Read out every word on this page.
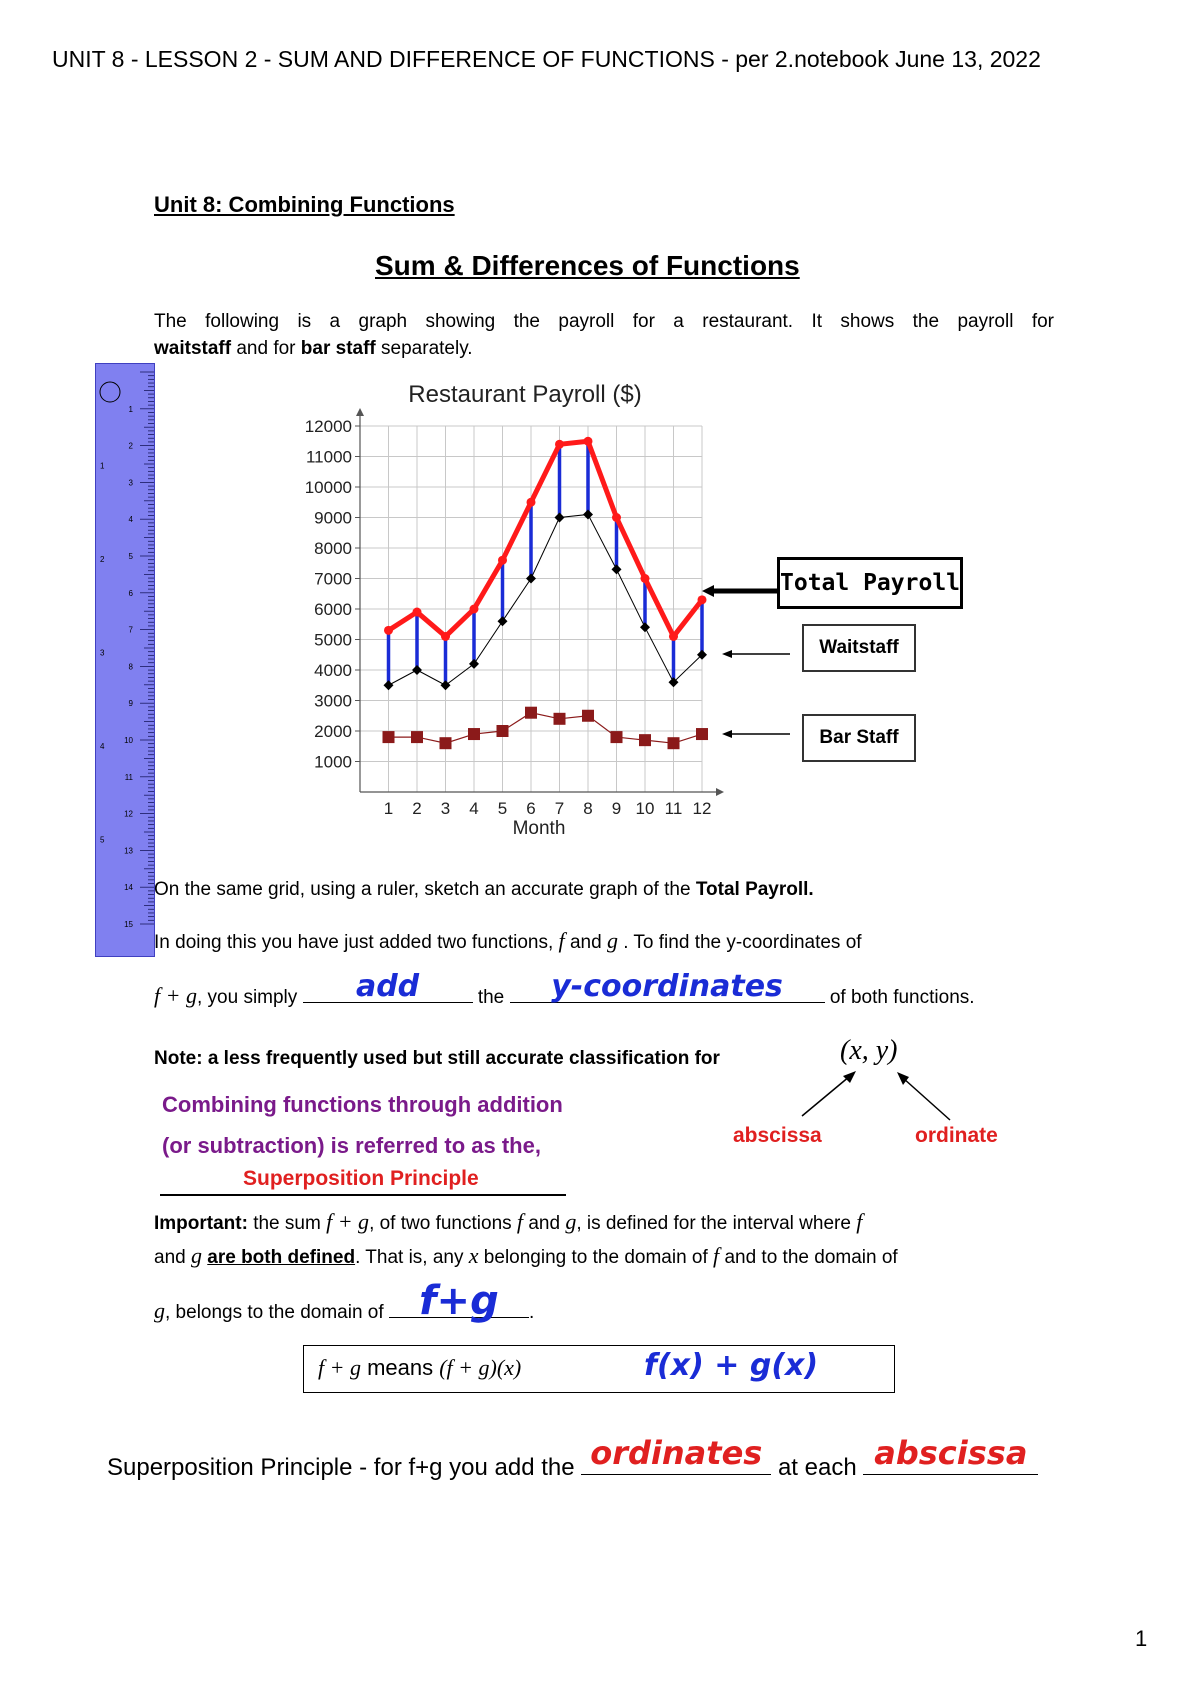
UNIT 8 - LESSON 2 - SUM AND DIFFERENCE OF FUNCTIONS - per 2.notebook June 13, 2022
Unit 8: Combining Functions
Sum & Differences of Functions
The following is a graph showing the payroll for a restaurant. It shows the payroll for
waitstaff and for bar staff separately.
1
2
3
4
5
6
7
8
9
10
11
12
13
14
15
1
2
3
4
5
Restaurant Payroll ($)
1000
2000
3000
4000
5000
6000
7000
8000
9000
10000
11000
12000
1 2 3 4 5 6 7 8 9 10 11 12
Month
Total Payroll
Waitstaff
Bar Staff
On the same grid, using a ruler, sketch an accurate graph of the Total Payroll.
In doing this you have just added two functions, f and g . To find the y-coordinates of
f + g, you simply	add	the	y-coordinates	of both functions.
Note: a less frequently used but still accurate classification for	(x, y)
abscissa	ordinate
Combining functions through addition
(or subtraction) is referred to as the,
Superposition Principle
Important: the sum f + g, of two functions f and g, is defined for the interval where f
and g are both defined. That is, any x belonging to the domain of f and to the domain of
g, belongs to the domain of f+g	.
f + g means (f + g)(x)	f(x) + g(x)
Superposition Principle - for f+g you add the ordinates at each abscissa
1
